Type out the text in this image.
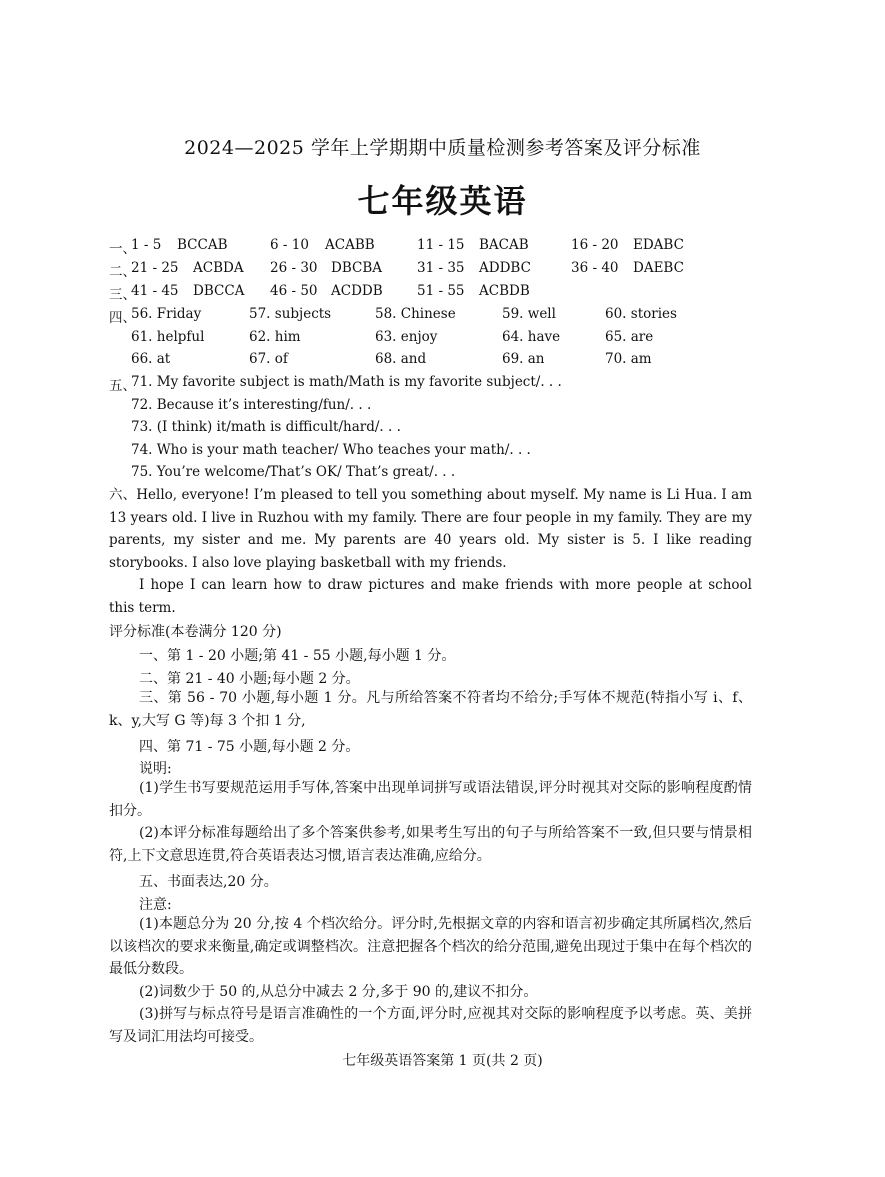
2024—2025 学年上学期期中质量检测参考答案及评分标准
七年级英语
一、
1 - 5 BCCAB	6 - 10 ACABB	11 - 15 BACAB	16 - 20 EDABC
二、
21 - 25 ACBDA 26 - 30 DBCBA	31 - 35 ADDBC	36 - 40 DAEBC
三、
41 - 45 DBCCA 46 - 50 ACDDB	51 - 55 ACBDB
四、
56. Friday	57. subjects	58. Chinese	59. well	60. stories
61. helpful	62. him	63. enjoy	64. have	65. are
66. at	67. of	68. and	69. an	70. am
五、
71. My favorite subject is math/Math is my favorite subject/. . .
72. Because it’s interesting/fun/. . .
73. (I think) it/math is difficult/hard/. . .
74. Who is your math teacher/ Who teaches your math/. . .
75. You’re welcome/That’s OK/ That’s great/. . .
六、Hello, everyone! I’m pleased to tell you something about myself. My name is Li Hua. I am 13 years old. I live in Ruzhou with my family. There are four people in my family. They are my parents, my sister and me. My parents are 40 years old. My sister is 5. I like reading storybooks. I also love playing basketball with my friends.
I hope I can learn how to draw pictures and make friends with more people at school this term.
评分标准(本卷满分 120 分)
一、第 1 - 20 小题;第 41 - 55 小题,每小题 1 分。
二、第 21 - 40 小题;每小题 2 分。
三、第 56 - 70 小题,每小题 1 分。凡与所给答案不符者均不给分;手写体不规范(特指小写 i、f、k、y,大写 G 等)每 3 个扣 1 分,
四、第 71 - 75 小题,每小题 2 分。
说明:
(1)学生书写要规范运用手写体,答案中出现单词拼写或语法错误,评分时视其对交际的影响程度酌情扣分。
(2)本评分标准每题给出了多个答案供参考,如果考生写出的句子与所给答案不一致,但只要与情景相符,上下文意思连贯,符合英语表达习惯,语言表达准确,应给分。
五、书面表达,20 分。
注意:
(1)本题总分为 20 分,按 4 个档次给分。评分时,先根据文章的内容和语言初步确定其所属档次,然后以该档次的要求来衡量,确定或调整档次。注意把握各个档次的给分范围,避免出现过于集中在每个档次的最低分数段。
(2)词数少于 50 的,从总分中减去 2 分,多于 90 的,建议不扣分。
(3)拼写与标点符号是语言准确性的一个方面,评分时,应视其对交际的影响程度予以考虑。英、美拼写及词汇用法均可接受。
七年级英语答案第 1 页(共 2 页)
